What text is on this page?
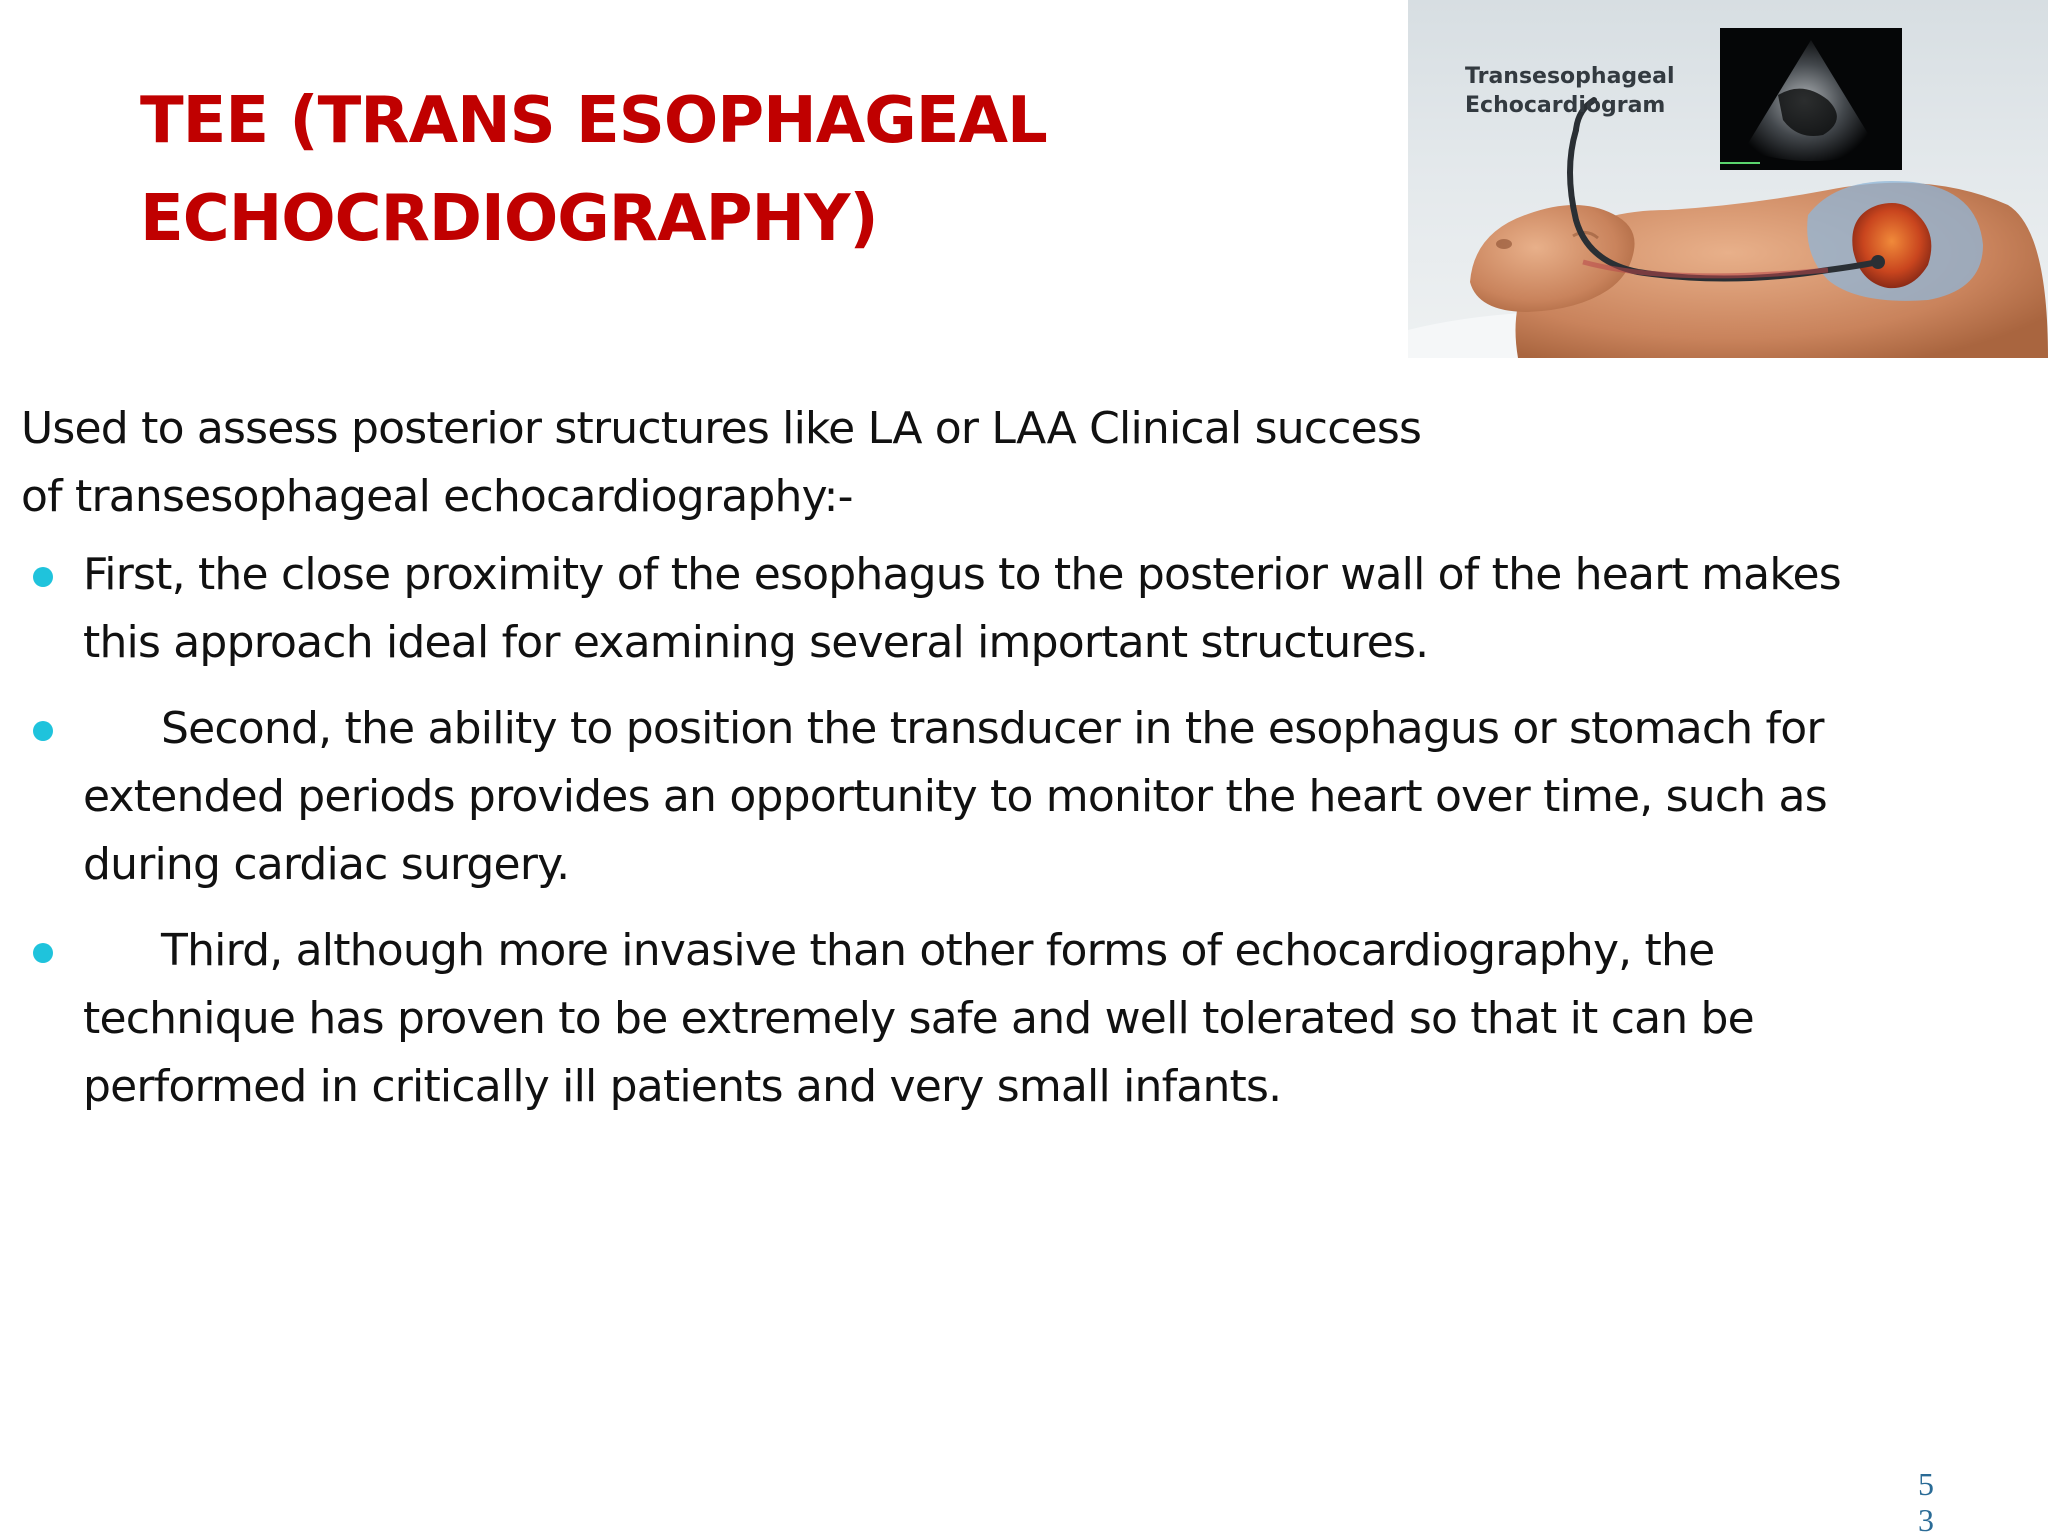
TEE (TRANS ESOPHAGEAL
ECHOCRDIOGRAPHY)
Transesophageal
Echocardiogram

Used to assess posterior structures like LA or LAA Clinical success

of transesophageal echocardiography:-

First, the close proximity of the esophagus to the posterior wall of the heart makes
this approach ideal for examining several important structures.
Second, the ability to position the transducer in the esophagus or stomach for
extended periods provides an opportunity to monitor the heart over time, such as
during cardiac surgery.
Third, although more invasive than other forms of echocardiography, the
technique has proven to be extremely safe and well tolerated so that it can be
performed in critically ill patients and very small infants.
5
3
